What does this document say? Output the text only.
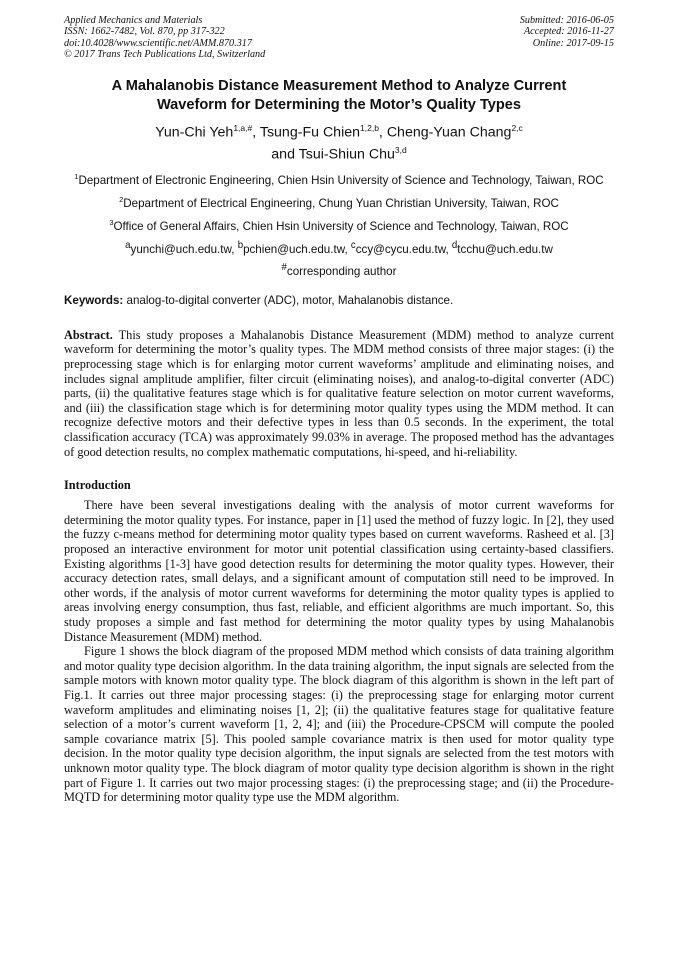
Applied Mechanics and Materials
ISSN: 1662-7482, Vol. 870, pp 317-322
doi:10.4028/www.scientific.net/AMM.870.317
© 2017 Trans Tech Publications Ltd, Switzerland
Submitted: 2016-06-05
Accepted: 2016-11-27
Online: 2017-09-15
A Mahalanobis Distance Measurement Method to Analyze Current
Waveform for Determining the Motor’s Quality Types
Yun-Chi Yeh$^{1,a,\#}$, Tsung-Fu Chien$^{1,2,b}$, Cheng-Yuan Chang$^{2,c}$
and Tsui-Shiun Chu$^{3,d}$
$^1$Department of Electronic Engineering, Chien Hsin University of Science and Technology, Taiwan, ROC
$^2$Department of Electrical Engineering, Chung Yuan Christian University, Taiwan, ROC
$^3$Office of General Affairs, Chien Hsin University of Science and Technology, Taiwan, ROC
$^a$yunchi@uch.edu.tw, $^b$pchien@uch.edu.tw, $^c$ccy@cycu.edu.tw, $^d$tcchu@uch.edu.tw
#corresponding author
Keywords: analog-to-digital converter (ADC), motor, Mahalanobis distance.
Abstract. This study proposes a Mahalanobis Distance Measurement (MDM) method to analyze current waveform for determining the motor’s quality types. The MDM method consists of three major stages: (i) the preprocessing stage which is for enlarging motor current waveforms’ amplitude and eliminating noises, and includes signal amplitude amplifier, filter circuit (eliminating noises), and analog-to-digital converter (ADC) parts, (ii) the qualitative features stage which is for qualitative feature selection on motor current waveforms, and (iii) the classification stage which is for determining motor quality types using the MDM method. It can recognize defective motors and their defective types in less than 0.5 seconds. In the experiment, the total classification accuracy (TCA) was approximately 99.03% in average. The proposed method has the advantages of good detection results, no complex mathematic computations, hi-speed, and hi-reliability.
Introduction

There have been several investigations dealing with the analysis of motor current waveforms for determining the motor quality types. For instance, paper in [1] used the method of fuzzy logic. In [2], they used the fuzzy c-means method for determining motor quality types based on current waveforms. Rasheed et al. [3] proposed an interactive environment for motor unit potential classification using certainty-based classifiers. Existing algorithms [1-3] have good detection results for determining the motor quality types. However, their accuracy detection rates, small delays, and a significant amount of computation still need to be improved. In other words, if the analysis of motor current waveforms for determining the motor quality types is applied to areas involving energy consumption, thus fast, reliable, and efficient algorithms are much important. So, this study proposes a simple and fast method for determining the motor quality types by using Mahalanobis Distance Measurement (MDM) method.

Figure 1 shows the block diagram of the proposed MDM method which consists of data training algorithm and motor quality type decision algorithm. In the data training algorithm, the input signals are selected from the sample motors with known motor quality type. The block diagram of this algorithm is shown in the left part of Fig.1. It carries out three major processing stages: (i) the preprocessing stage for enlarging motor current waveform amplitudes and eliminating noises [1, 2]; (ii) the qualitative features stage for qualitative feature selection of a motor’s current waveform [1, 2, 4]; and (iii) the Procedure-CPSCM will compute the pooled sample covariance matrix [5]. This pooled sample covariance matrix is then used for motor quality type decision. In the motor quality type decision algorithm, the input signals are selected from the test motors with unknown motor quality type. The block diagram of motor quality type decision algorithm is shown in the right part of Figure 1. It carries out two major processing stages: (i) the preprocessing stage; and (ii) the Procedure-MQTD for determining motor quality type use the MDM algorithm.
